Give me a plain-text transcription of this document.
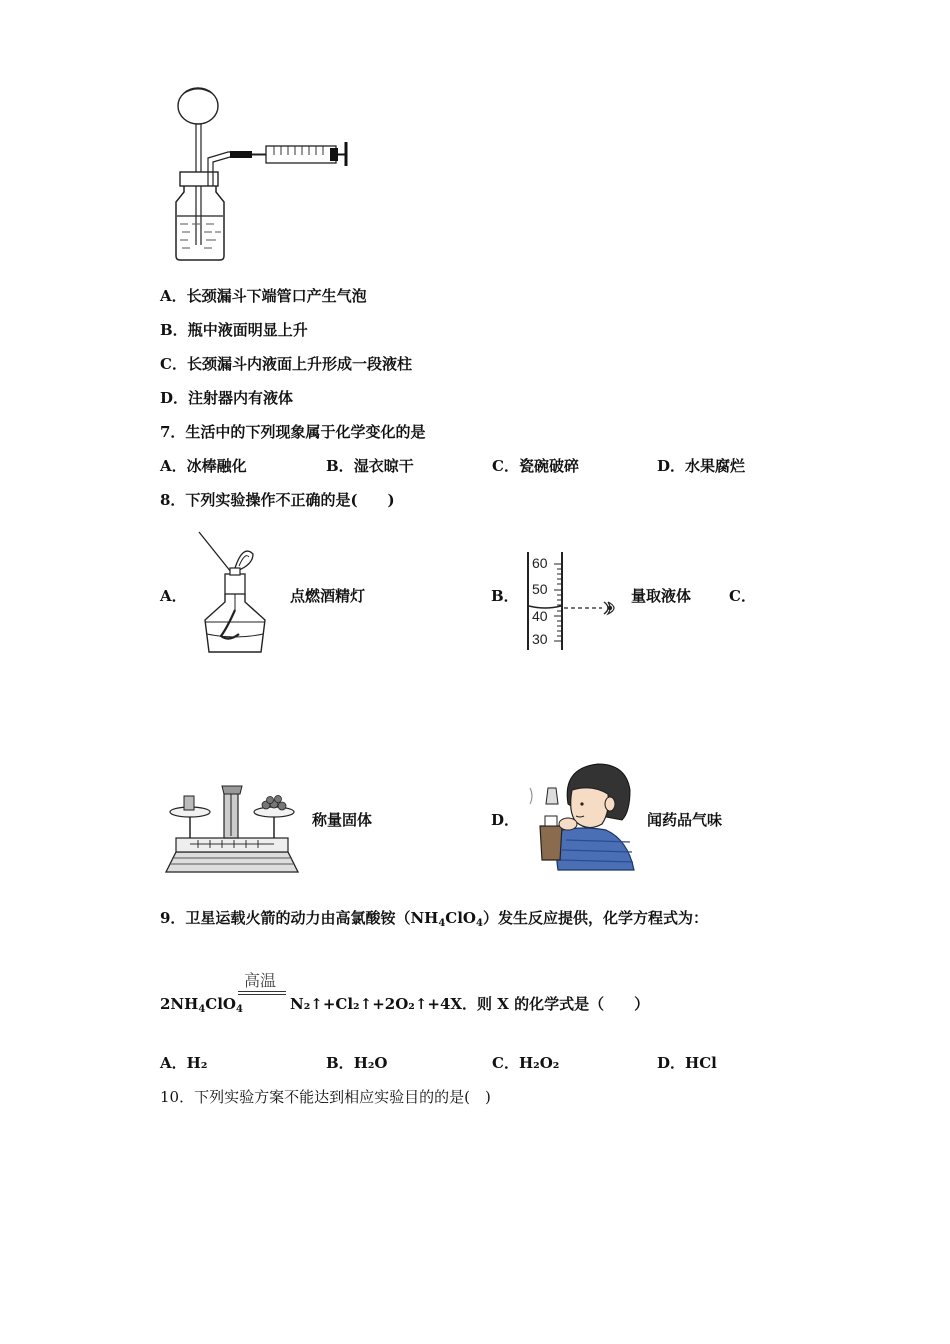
A．长颈漏斗下端管口产生气泡
B．瓶中液面明显上升
C．长颈漏斗内液面上升形成一段液柱
D．注射器内有液体
7．生活中的下列现象属于化学变化的是
A．冰棒融化	B．湿衣晾干	C．瓷碗破碎	D．水果腐烂
8．下列实验操作不正确的是(　　)
A．	点燃酒精灯	B．
60
50
40
30
量取液体	C．
称量固体	D．	闻药品气味
9．卫星运载火箭的动力由高氯酸铵$(NH_4ClO_4)$发生反应提供，化学方程式为：
$2NH_4ClO_4$
高温
N₂↑+Cl₂↑+2O₂↑+4X．则 X 的化学式是（　　）
A．H₂	B．H₂O	C．H₂O₂	D．HCl
10．下列实验方案不能达到相应实验目的的是(　)
